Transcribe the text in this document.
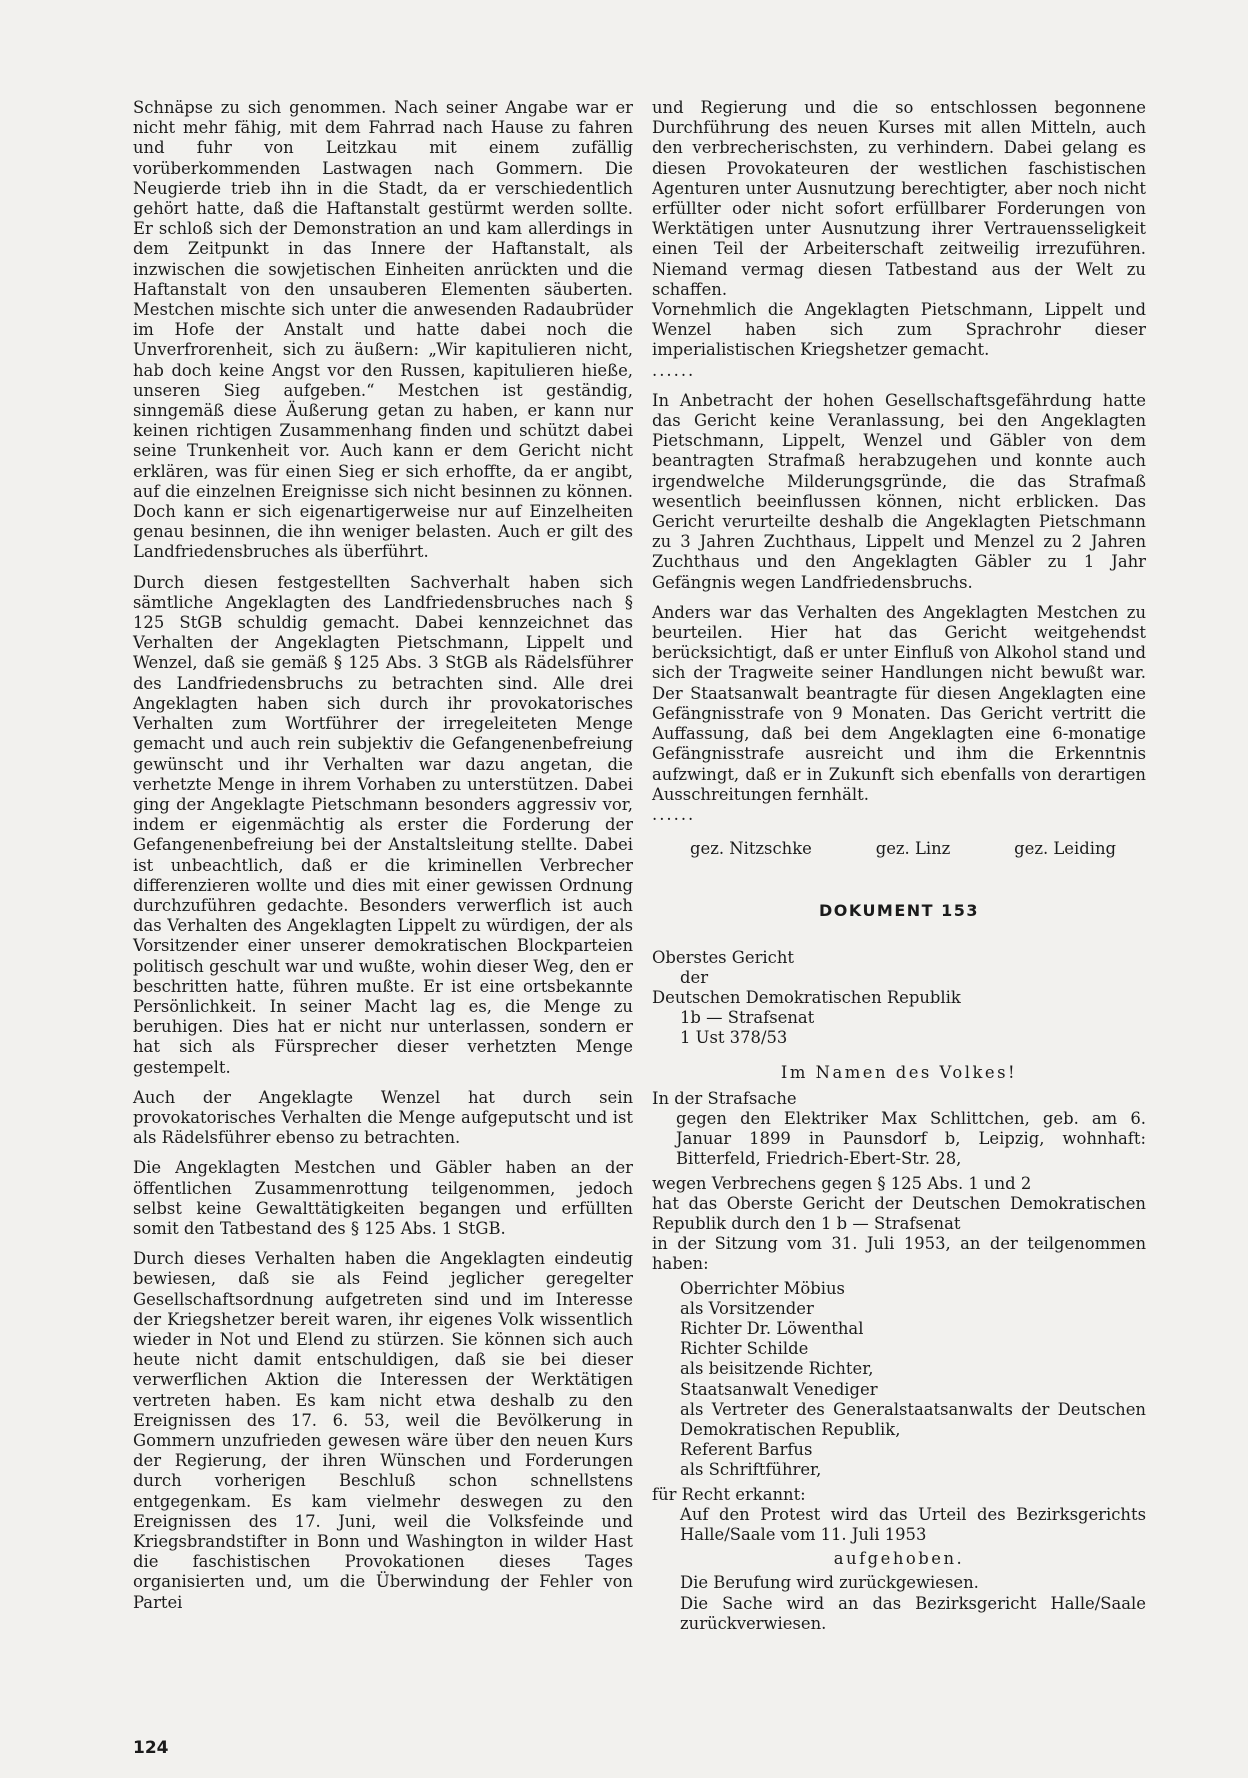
Schnäpse zu sich genommen. Nach seiner Angabe war er nicht mehr fähig, mit dem Fahrrad nach Hause zu fahren und fuhr von Leitzkau mit einem zufällig vorüberkommenden Lastwagen nach Gommern. Die Neugierde trieb ihn in die Stadt, da er verschiedentlich gehört hatte, daß die Haftanstalt gestürmt werden sollte. Er schloß sich der Demonstration an und kam allerdings in dem Zeitpunkt in das Innere der Haftanstalt, als inzwischen die sowjetischen Einheiten anrückten und die Haftanstalt von den unsauberen Elementen säuberten. Mestchen mischte sich unter die anwesenden Radaubrüder im Hofe der Anstalt und hatte dabei noch die Unverfrorenheit, sich zu äußern: „Wir kapitulieren nicht, hab doch keine Angst vor den Russen, kapitulieren hieße, unseren Sieg aufgeben.“ Mestchen ist geständig, sinngemäß diese Äußerung getan zu haben, er kann nur keinen richtigen Zusammenhang finden und schützt dabei seine Trunkenheit vor. Auch kann er dem Gericht nicht erklären, was für einen Sieg er sich erhoffte, da er angibt, auf die einzelnen Ereignisse sich nicht besinnen zu können. Doch kann er sich eigenartigerweise nur auf Einzelheiten genau besinnen, die ihn weniger belasten. Auch er gilt des Landfriedensbruches als überführt.

Durch diesen festgestellten Sachverhalt haben sich sämtliche Angeklagten des Landfriedensbruches nach § 125 StGB schuldig gemacht. Dabei kennzeichnet das Verhalten der Angeklagten Pietschmann, Lippelt und Wenzel, daß sie gemäß § 125 Abs. 3 StGB als Rädelsführer des Landfriedensbruchs zu betrachten sind. Alle drei Angeklagten haben sich durch ihr provokatorisches Verhalten zum Wortführer der irregeleiteten Menge gemacht und auch rein subjektiv die Gefangenenbefreiung gewünscht und ihr Verhalten war dazu angetan, die verhetzte Menge in ihrem Vorhaben zu unterstützen. Dabei ging der Angeklagte Pietschmann besonders aggressiv vor, indem er eigenmächtig als erster die Forderung der Gefangenenbefreiung bei der Anstaltsleitung stellte. Dabei ist unbeachtlich, daß er die kriminellen Verbrecher differenzieren wollte und dies mit einer gewissen Ordnung durchzuführen gedachte. Besonders verwerflich ist auch das Verhalten des Angeklagten Lippelt zu würdigen, der als Vorsitzender einer unserer demokratischen Blockparteien politisch geschult war und wußte, wohin dieser Weg, den er beschritten hatte, führen mußte. Er ist eine ortsbekannte Persönlichkeit. In seiner Macht lag es, die Menge zu beruhigen. Dies hat er nicht nur unterlassen, sondern er hat sich als Fürsprecher dieser verhetzten Menge gestempelt.

Auch der Angeklagte Wenzel hat durch sein provokatorisches Verhalten die Menge aufgeputscht und ist als Rädelsführer ebenso zu betrachten.

Die Angeklagten Mestchen und Gäbler haben an der öffentlichen Zusammenrottung teilgenommen, jedoch selbst keine Gewalttätigkeiten begangen und erfüllten somit den Tatbestand des § 125 Abs. 1 StGB.

Durch dieses Verhalten haben die Angeklagten eindeutig bewiesen, daß sie als Feind jeglicher geregelter Gesellschaftsordnung aufgetreten sind und im Interesse der Kriegshetzer bereit waren, ihr eigenes Volk wissentlich wieder in Not und Elend zu stürzen. Sie können sich auch heute nicht damit entschuldigen, daß sie bei dieser verwerflichen Aktion die Interessen der Werktätigen vertreten haben. Es kam nicht etwa deshalb zu den Ereignissen des 17. 6. 53, weil die Bevölkerung in Gommern unzufrieden gewesen wäre über den neuen Kurs der Regierung, der ihren Wünschen und Forderungen durch vorherigen Beschluß schon schnellstens entgegenkam. Es kam vielmehr deswegen zu den Ereignissen des 17. Juni, weil die Volksfeinde und Kriegsbrandstifter in Bonn und Washington in wilder Hast die faschistischen Provokationen dieses Tages organisierten und, um die Überwindung der Fehler von Partei

und Regierung und die so entschlossen begonnene Durchführung des neuen Kurses mit allen Mitteln, auch den verbrecherischsten, zu verhindern. Dabei gelang es diesen Provokateuren der westlichen faschistischen Agenturen unter Ausnutzung berechtigter, aber noch nicht erfüllter oder nicht sofort erfüllbarer Forderungen von Werktätigen unter Ausnutzung ihrer Vertrauensseligkeit einen Teil der Arbeiterschaft zeitweilig irrezuführen. Niemand vermag diesen Tatbestand aus der Welt zu schaffen.

Vornehmlich die Angeklagten Pietschmann, Lippelt und Wenzel haben sich zum Sprachrohr dieser imperialistischen Kriegshetzer gemacht.

......

In Anbetracht der hohen Gesellschaftsgefährdung hatte das Gericht keine Veranlassung, bei den Angeklagten Pietschmann, Lippelt, Wenzel und Gäbler von dem beantragten Strafmaß herabzugehen und konnte auch irgendwelche Milderungsgründe, die das Strafmaß wesentlich beeinflussen können, nicht erblicken. Das Gericht verurteilte deshalb die Angeklagten Pietschmann zu 3 Jahren Zuchthaus, Lippelt und Menzel zu 2 Jahren Zuchthaus und den Angeklagten Gäbler zu 1 Jahr Gefängnis wegen Landfriedensbruchs.

Anders war das Verhalten des Angeklagten Mestchen zu beurteilen. Hier hat das Gericht weitgehendst berücksichtigt, daß er unter Einfluß von Alkohol stand und sich der Tragweite seiner Handlungen nicht bewußt war. Der Staatsanwalt beantragte für diesen Angeklagten eine Gefängnisstrafe von 9 Monaten. Das Gericht vertritt die Auffassung, daß bei dem Angeklagten eine 6-monatige Gefängnisstrafe ausreicht und ihm die Erkenntnis aufzwingt, daß er in Zukunft sich ebenfalls von derartigen Ausschreitungen fernhält.

......

gez. Nitzschke	gez. Linz	gez. Leiding
DOKUMENT 153
Oberstes Gericht
der
Deutschen Demokratischen Republik
1b — Strafsenat
1 Ust 378/53
Im Namen des Volkes!
In der Strafsache

gegen den Elektriker Max Schlittchen, geb. am 6. Januar 1899 in Paunsdorf b, Leipzig, wohnhaft: Bitterfeld, Friedrich-Ebert-Str. 28,

wegen Verbrechens gegen § 125 Abs. 1 und 2

hat das Oberste Gericht der Deutschen Demokratischen Republik durch den 1 b — Strafsenat

in der Sitzung vom 31. Juli 1953, an der teilgenommen haben:

Oberrichter Möbius
als Vorsitzender
Richter Dr. Löwenthal
Richter Schilde
als beisitzende Richter,
Staatsanwalt Venediger

als Vertreter des Generalstaatsanwalts der Deutschen Demokratischen Republik,

Referent Barfus
als Schriftführer,
für Recht erkannt:

Auf den Protest wird das Urteil des Bezirksgerichts Halle/Saale vom 11. Juli 1953

aufgehoben.
Die Berufung wird zurückgewiesen.

Die Sache wird an das Bezirksgericht Halle/Saale zurückverwiesen.

124
